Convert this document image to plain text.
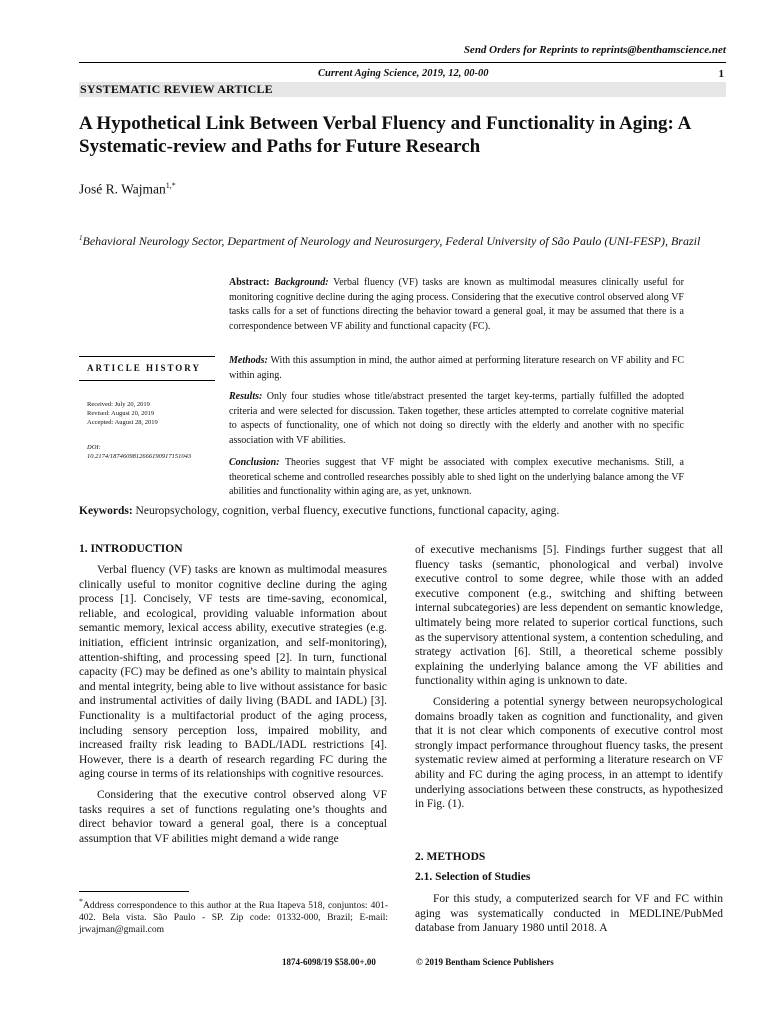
Send Orders for Reprints to reprints@benthamscience.net
Current Aging Science, 2019, 12, 00-00	1
SYSTEMATIC REVIEW ARTICLE
A Hypothetical Link Between Verbal Fluency and Functionality in Aging: A Systematic-review and Paths for Future Research
José R. Wajman$^{1,*}$
$^1$Behavioral Neurology Sector, Department of Neurology and Neurosurgery, Federal University of São Paulo (UNI-FESP), Brazil
ARTICLE HISTORY
Received: July 20, 2019
Revised: August 20, 2019
Accepted: August 28, 2019
DOI:
10.2174/1874609812666190917151043
Abstract: Background: Verbal fluency (VF) tasks are known as multimodal measures clinically useful for monitoring cognitive decline during the aging process. Considering that the executive control observed along VF tasks calls for a set of functions directing the behavior toward a general goal, it may be assumed that there is a correspondence between VF ability and functional capacity (FC).
Methods: With this assumption in mind, the author aimed at performing literature research on VF ability and FC within aging.
Results: Only four studies whose title/abstract presented the target key-terms, partially fulfilled the adopted criteria and were selected for discussion. Taken together, these articles attempted to correlate cognitive material to aspects of functionality, one of which not doing so directly with the elderly and another with no specific association with VF abilities.
Conclusion: Theories suggest that VF might be associated with complex executive mechanisms. Still, a theoretical scheme and controlled researches possibly able to shed light on the underlying balance among the VF abilities and functionality within aging are, as yet, unknown.
Keywords: Neuropsychology, cognition, verbal fluency, executive functions, functional capacity, aging.
1. INTRODUCTION

Verbal fluency (VF) tasks are known as multimodal measures clinically useful to monitor cognitive decline during the aging process [1]. Concisely, VF tests are time-saving, economical, reliable, and ecological, providing valuable information about semantic memory, lexical access ability, executive strategies (e.g. initiation, efficient intrinsic organization, and self-monitoring), attention-shifting, and processing speed [2]. In turn, functional capacity (FC) may be defined as one’s ability to maintain physical and mental integrity, being able to live without assistance for basic and instrumental activities of daily living (BADL and IADL) [3]. Functionality is a multifactorial product of the aging process, including sensory perception loss, impaired mobility, and increased frailty risk leading to BADL/IADL restrictions [4]. However, there is a dearth of research regarding FC during the aging course in terms of its relationships with cognitive resources.

Considering that the executive control observed along VF tasks requires a set of functions regulating one’s thoughts and direct behavior toward a general goal, there is a conceptual assumption that VF abilities might demand a wide range

of executive mechanisms [5]. Findings further suggest that all fluency tasks (semantic, phonological and verbal) involve executive control to some degree, while those with an added executive component (e.g., switching and shifting between internal subcategories) are less dependent on semantic knowledge, ultimately being more related to superior cortical functions, such as the supervisory attentional system, a contention scheduling, and strategy activation [6]. Still, a theoretical scheme possibly explaining the underlying balance among the VF abilities and functionality within aging is unknown to date.

Considering a potential synergy between neuropsychological domains broadly taken as cognition and functionality, and given that it is not clear which components of executive control most strongly impact performance throughout fluency tasks, the present systematic review aimed at performing a literature research on VF ability and FC during the aging process, in an attempt to identify underlying associations between these constructs, as hypothesized in Fig. (1).

2. METHODS
2.1. Selection of Studies

For this study, a computerized search for VF and FC within aging was systematically conducted in MEDLINE/PubMed database from January 1980 until 2018. A

*Address correspondence to this author at the Rua Itapeva 518, conjuntos: 401-402. Bela vista. São Paulo - SP. Zip code: 01332-000, Brazil; E-mail: jrwajman@gmail.com
1874-6098/19 $58.00+.00	© 2019 Bentham Science Publishers
